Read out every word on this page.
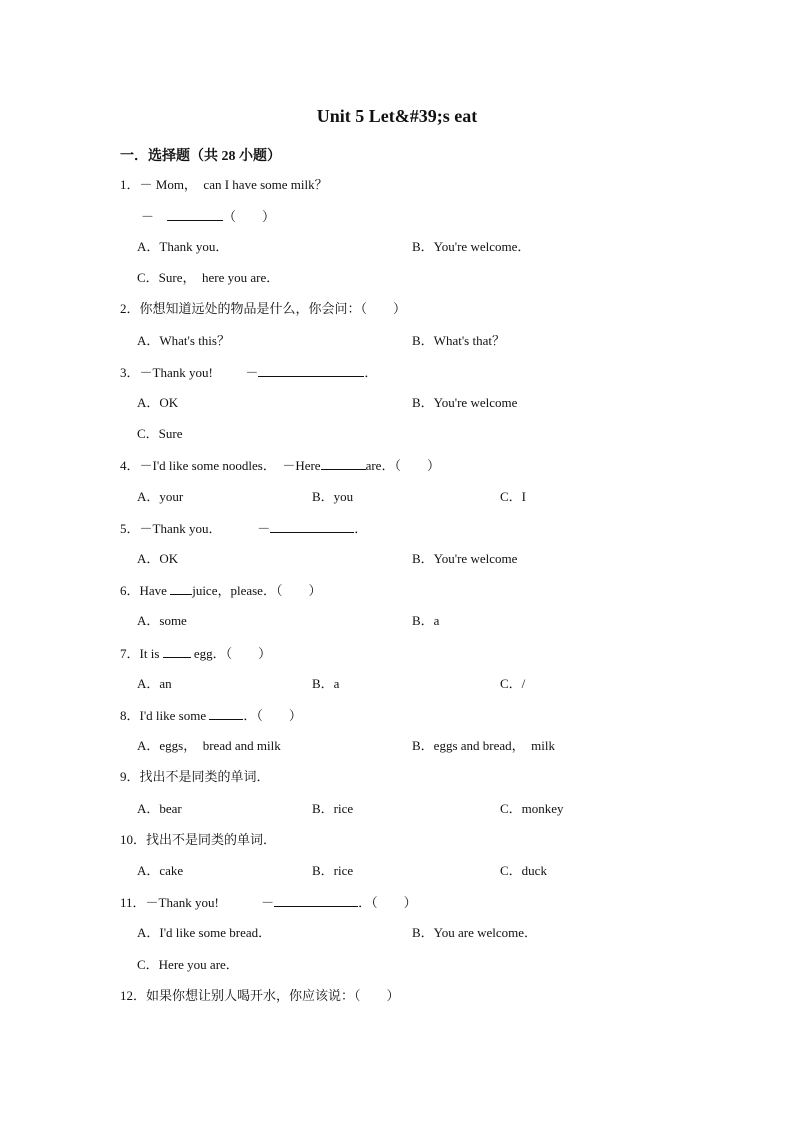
Unit 5 Let&#39;s eat
一．选择题（共 28 小题）
1．－ Mom，  can I have some milk？
－	（        ）
A．Thank you．	B．You're welcome．
C．Sure，  here you are．
2．你想知道远处的物品是什么，你会问：（        ）
A．What's this？	B．What's that？
3．－Thank you!	－	．
A．OK	B．You're welcome
C．Sure
4．－I'd like some noodles．  －Here	are．（        ）
A．your	B．you	C．I
5．－Thank you．	－	．
A．OK	B．You're welcome
6．Have juice，please．（        ）
A．some	B．a
7．It is	egg．（        ）
A．an	B．a	C．/
8．I'd like some	．（        ）
A．eggs，  bread and milk	B．eggs and bread，  milk
9．找出不是同类的单词．
A．bear	B．rice	C．monkey
10．找出不是同类的单词．
A．cake	B．rice	C．duck
11．－Thank you!	－	．（        ）
A．I'd like some bread．	B．You are welcome．
C．Here you are．
12．如果你想让别人喝开水，你应该说：（        ）
